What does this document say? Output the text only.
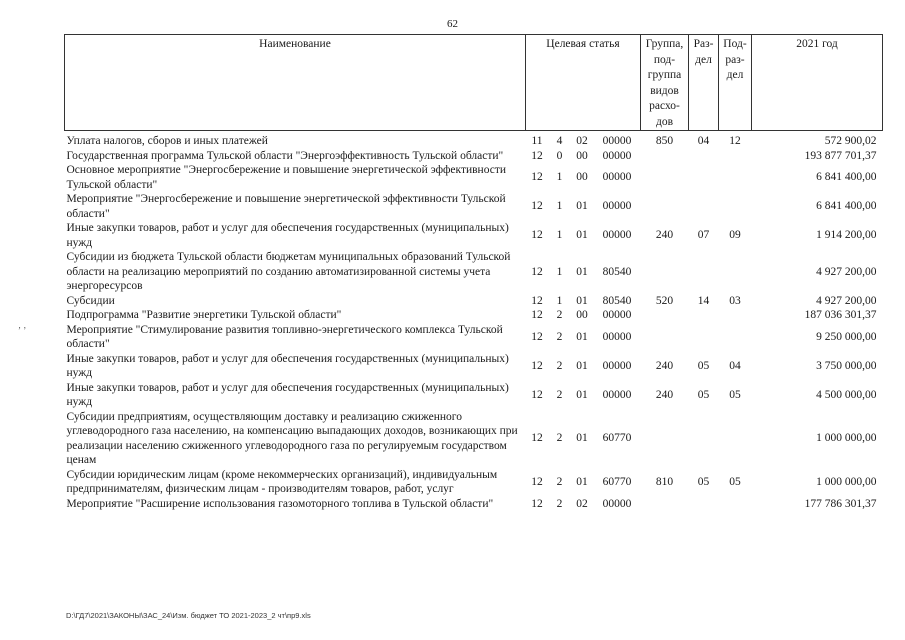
62
Наименование	Целевая статья				Группа, под-группа видов расхо-дов	Раз-дел	Под-раз-дел	2021 год
Уплата налогов, сборов и иных платежей	11	4	02	00000	850	04	12	572 900,02
Государственная программа Тульской области "Энергоэффективность Тульской области"	12	0	00	00000				193 877 701,37
Основное мероприятие "Энергосбережение и повышение энергетической эффективности Тульской области"	12	1	00	00000				6 841 400,00
Мероприятие "Энергосбережение и повышение энергетической эффективности Тульской области"	12	1	01	00000				6 841 400,00
Иные закупки товаров, работ и услуг для обеспечения государственных (муниципальных) нужд	12	1	01	00000	240	07	09	1 914 200,00
Субсидии из бюджета Тульской области бюджетам муниципальных образований Тульской области на реализацию мероприятий по созданию автоматизированной системы учета энергоресурсов	12	1	01	80540				4 927 200,00
Субсидии	12	1	01	80540	520	14	03	4 927 200,00
Подпрограмма "Развитие энергетики Тульской области"	12	2	00	00000				187 036 301,37
Мероприятие "Стимулирование развития топливно-энергетического комплекса Тульской области"	12	2	01	00000				9 250 000,00
Иные закупки товаров, работ и услуг для обеспечения государственных (муниципальных) нужд	12	2	01	00000	240	05	04	3 750 000,00
Иные закупки товаров, работ и услуг для обеспечения государственных (муниципальных) нужд	12	2	01	00000	240	05	05	4 500 000,00
Субсидии предприятиям, осуществляющим доставку и реализацию сжиженного углеводородного газа населению, на компенсацию выпадающих доходов, возникающих при реализации населению сжиженного углеводородного газа по регулируемым государством ценам	12	2	01	60770				1 000 000,00
Субсидии юридическим лицам (кроме некоммерческих организаций), индивидуальным предпринимателям, физическим лицам - производителям товаров, работ, услуг	12	2	01	60770	810	05	05	1 000 000,00
Мероприятие "Расширение использования газомоторного топлива в Тульской области"	12	2	02	00000				177 786 301,37
‚ ‚
D:\ГД7\2021\ЗАКОНЫ\ЗАС_24\Изм. бюджет ТО 2021-2023_2 чт\пр9.xls
